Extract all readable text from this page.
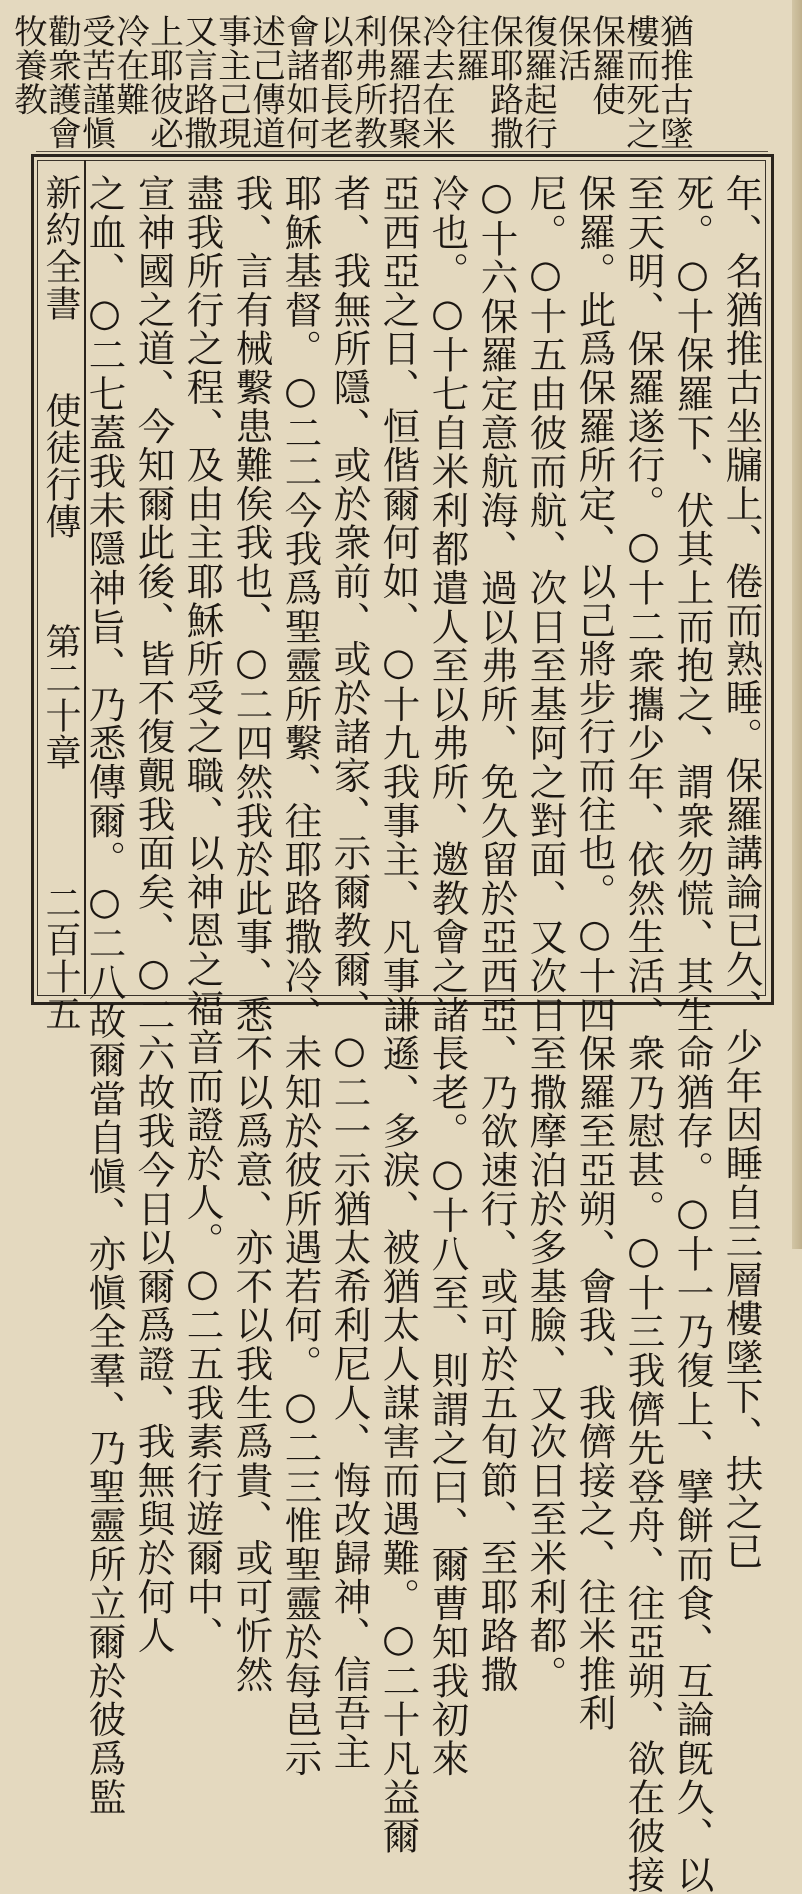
猶推古墜
樓而死之
保羅使
保活
復羅起行
保耶路撒
往羅
冷去在米
保羅招聚
利弗所教
以都長老
會諸如何
述己傳道
事主己現
又言路撒
上耶彼必
冷在難
受苦謹愼
勸衆護會
牧養教
年、名猶推古坐牖上、倦而熟睡。保羅講論已久、少年因睡自三層樓墜下、扶之已
死。○十保羅下、伏其上而抱之、謂衆勿慌、其生命猶存。○十一乃復上、擘餅而食、互論旣久、以
至天明、保羅遂行。○十二衆攜少年、依然生活、衆乃慰甚。○十三我儕先登舟、往亞朔、欲在彼接
保羅。此爲保羅所定、以己將步行而往也。○十四保羅至亞朔、會我、我儕接之、往米推利
尼。○十五由彼而航、次日至基阿之對面、又次日至撒摩泊於多基臉、又次日至米利都。
○十六保羅定意航海、過以弗所、免久留於亞西亞、乃欲速行、或可於五旬節、至耶路撒
冷也。○十七自米利都遣人至以弗所、邀教會之諸長老。○十八至、則謂之曰、爾曹知我初來
亞西亞之日、恒偕爾何如、○十九我事主、凡事謙遜、多淚、被猶太人謀害而遇難。○二十凡益爾
者、我無所隱、或於衆前、或於諸家、示爾教爾、○二一示猶太希利尼人、悔改歸神、信吾主
耶穌基督。○二二今我爲聖靈所繫、往耶路撒冷、未知於彼所遇若何。○二三惟聖靈於每邑示
我、言有械繫患難俟我也、○二四然我於此事、悉不以爲意、亦不以我生爲貴、或可忻然
盡我所行之程、及由主耶穌所受之職、以神恩之福音而證於人。○二五我素行遊爾中、
宣神國之道、今知爾此後、皆不復覿我面矣、○二六故我今日以爾爲證、我無與於何人
之血、○二七蓋我未隱神旨、乃悉傳爾。○二八故爾當自愼、亦愼全羣、乃聖靈所立爾於彼爲監
新約全書
使徒行傳
第二十章
二百十五
